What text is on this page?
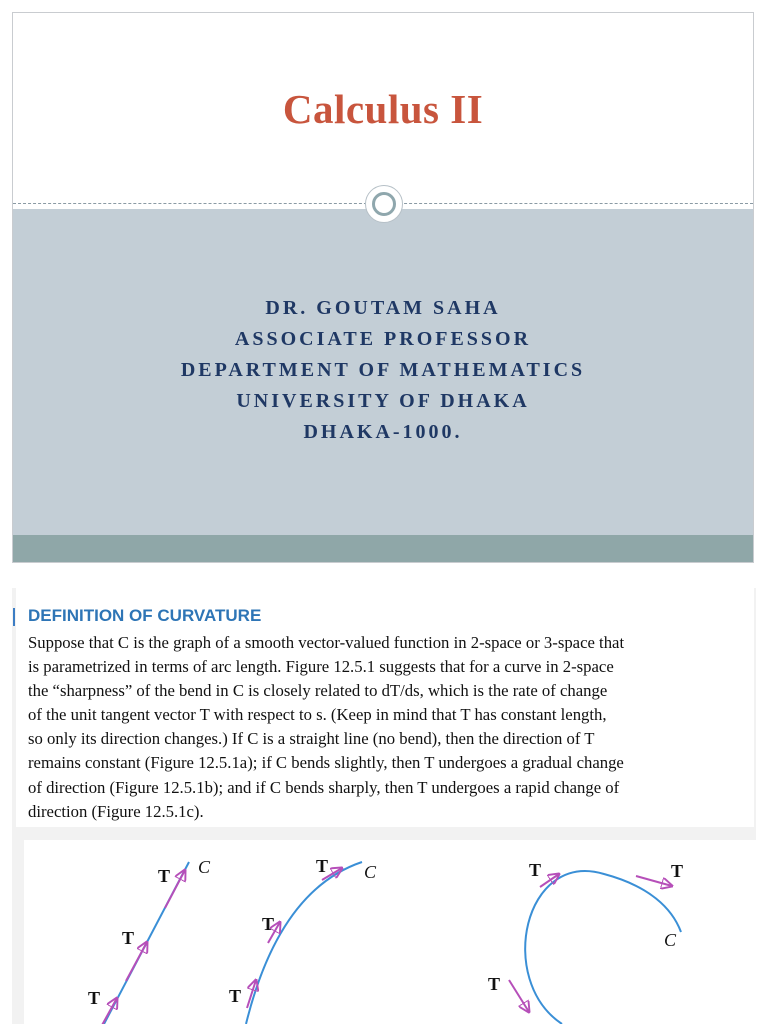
Calculus II
DR. GOUTAM SAHA
ASSOCIATE PROFESSOR
DEPARTMENT OF MATHEMATICS
UNIVERSITY OF DHAKA
DHAKA-1000.
DEFINITION OF CURVATURE
Suppose that C is the graph of a smooth vector-valued function in 2-space or 3-space that
is parametrized in terms of arc length. Figure 12.5.1 suggests that for a curve in 2-space
the “sharpness” of the bend in C is closely related to dT/ds, which is the rate of change
of the unit tangent vector T with respect to s. (Keep in mind that T has constant length,
so only its direction changes.) If C is a straight line (no bend), then the direction of T
remains constant (Figure 12.5.1a); if C bends slightly, then T undergoes a gradual change
of direction (Figure 12.5.1b); and if C bends sharply, then T undergoes a rapid change of
direction (Figure 12.5.1c).
T
T
T
C	T
T
T
C	T	T
T
C
